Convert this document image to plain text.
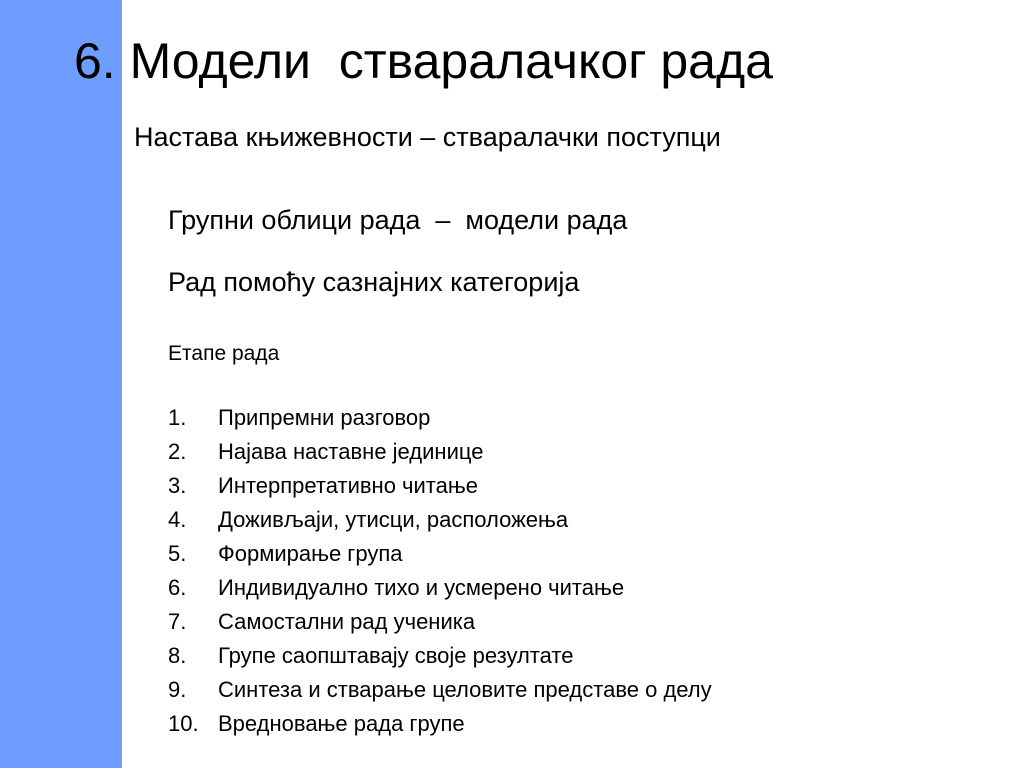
6. Модели  стваралачког рада
Настава књижевности – стваралачки поступци
Групни облици рада  –  модели рада
Рад помоћу сазнајних категорија
Етапе рада
1. Припремни разговор
2. Најава наставне јединице
3. Интерпретативно читање
4. Доживљаји, утисци, расположења
5. Формирање група
6. Индивидуално тихо и усмерено читање
7. Самостални рад ученика
8. Групе саопштавају своје резултате
9. Синтеза и стварање целовите представе о делу
10. Вредновање рада групе
